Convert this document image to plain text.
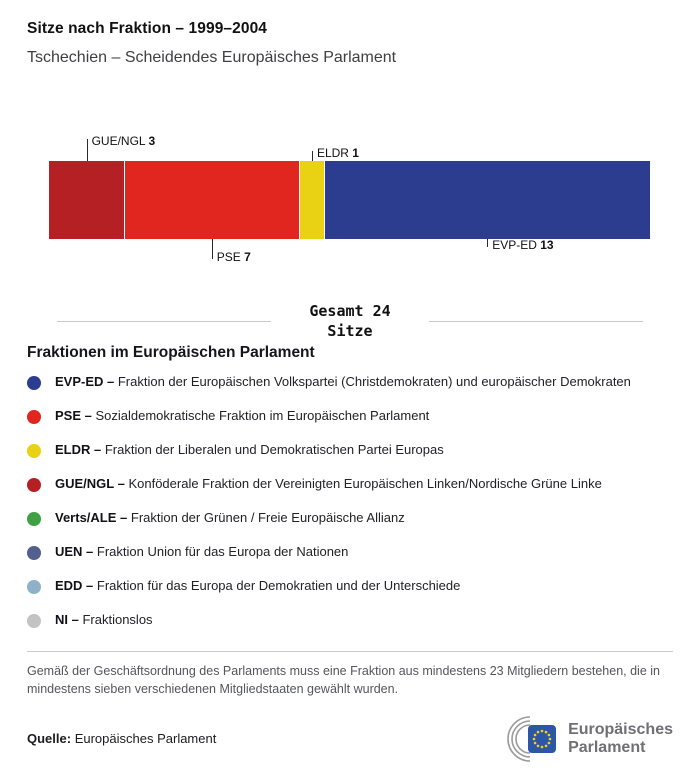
Sitze nach Fraktion – 1999–2004
Tschechien – Scheidendes Europäisches Parlament
GUE/NGL 3
PSE 7
ELDR 1
EVP-ED 13
Gesamt 24
Sitze
Fraktionen im Europäischen Parlament
EVP-ED – Fraktion der Europäischen Volkspartei (Christdemokraten) und europäischer Demokraten
PSE – Sozialdemokratische Fraktion im Europäischen Parlament
ELDR – Fraktion der Liberalen und Demokratischen Partei Europas
GUE/NGL – Konföderale Fraktion der Vereinigten Europäischen Linken/Nordische Grüne Linke
Verts/ALE – Fraktion der Grünen / Freie Europäische Allianz
UEN – Fraktion Union für das Europa der Nationen
EDD – Fraktion für das Europa der Demokratien und der Unterschiede
NI – Fraktionslos
Gemäß der Geschäftsordnung des Parlaments muss eine Fraktion aus mindestens 23 Mitgliedern bestehen, die in mindestens sieben verschiedenen Mitgliedstaaten gewählt wurden.
Quelle: Europäisches Parlament
Europäisches
Parlament
